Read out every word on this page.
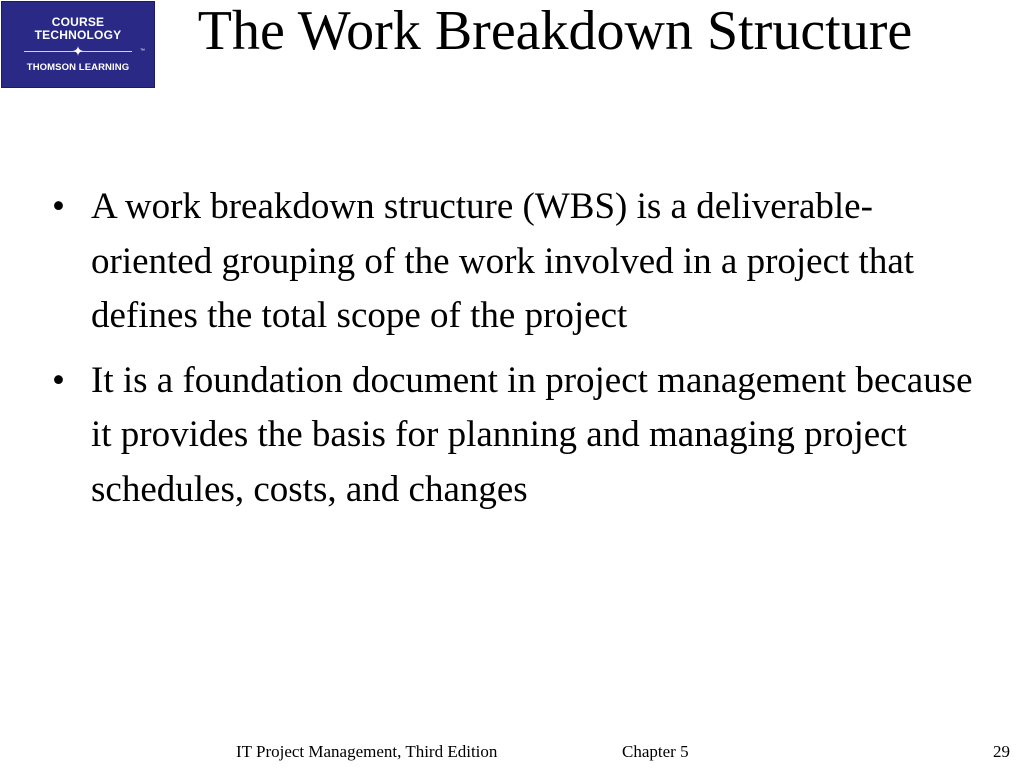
COURSE
TECHNOLOGY
✦	™
THOMSON LEARNING
The Work Breakdown Structure
• A work breakdown structure (WBS) is a deliverable-oriented grouping of the work involved in a project that defines the total scope of the project
• It is a foundation document in project management because it provides the basis for planning and managing project schedules, costs, and changes
IT Project Management, Third Edition	Chapter 5	29
